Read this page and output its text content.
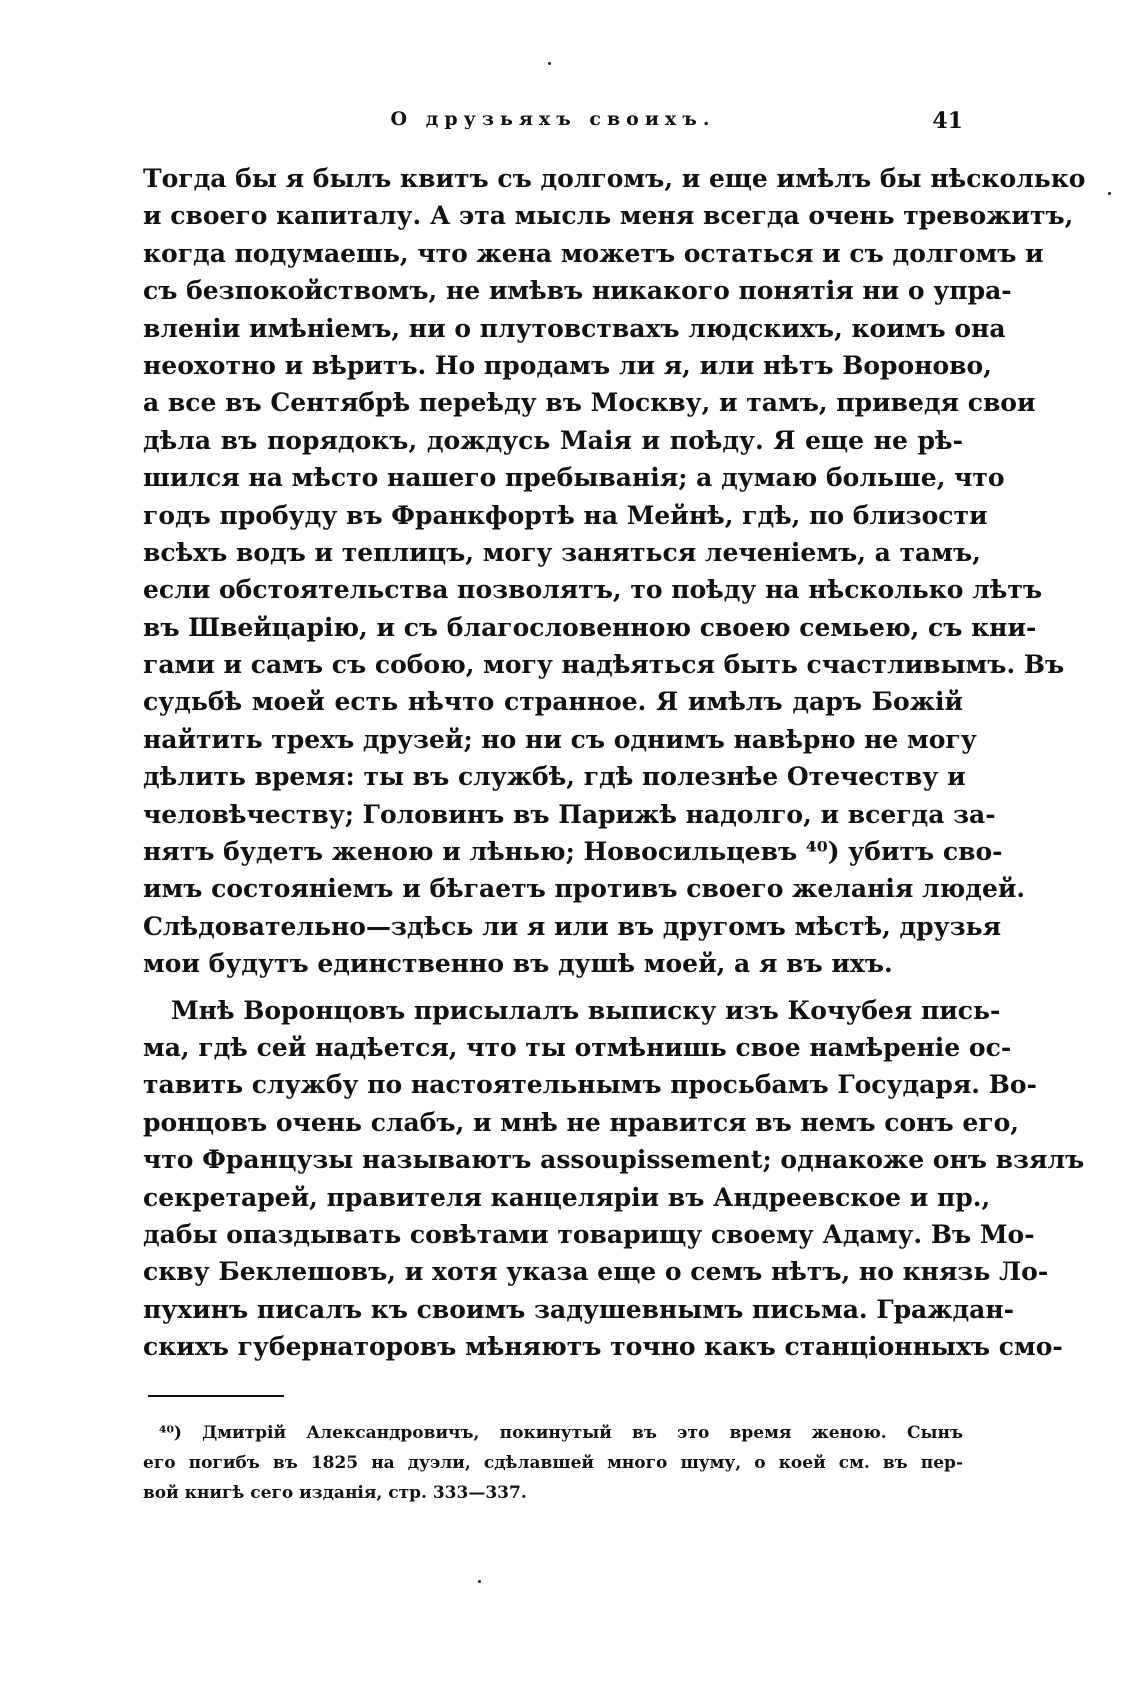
О друзьяхъ своихъ.	41
Тогда бы я былъ квитъ съ долгомъ, и еще имѣлъ бы нѣсколько
и своего капиталу. А эта мысль меня всегда очень тревожитъ,
когда подумаешь, что жена можетъ остаться и съ долгомъ и
съ безпокойствомъ, не имѣвъ никакого понятія ни о упра-
вленіи имѣніемъ, ни о плутовствахъ людскихъ, коимъ она
неохотно и вѣритъ. Но продамъ ли я, или нѣтъ Вороново,
а все въ Сентябрѣ переѣду въ Москву, и тамъ, приведя свои
дѣла въ порядокъ, дождусь Маія и поѣду. Я еще не рѣ-
шился на мѣсто нашего пребыванія; а думаю больше, что
годъ пробуду въ Франкфортѣ на Мейнѣ, гдѣ, по близости
всѣхъ водъ и теплицъ, могу заняться леченіемъ, а тамъ,
если обстоятельства позволятъ, то поѣду на нѣсколько лѣтъ
въ Швейцарію, и съ благословенною своею семьею, съ кни-
гами и самъ съ собою, могу надѣяться быть счастливымъ. Въ
судьбѣ моей есть нѣчто странное. Я имѣлъ даръ Божій
найтить трехъ друзей; но ни съ однимъ навѣрно не могу
дѣлить время: ты въ службѣ, гдѣ полезнѣе Отечеству и
человѣчеству; Головинъ въ Парижѣ надолго, и всегда за-
нятъ будетъ женою и лѣнью; Новосильцевъ ⁴⁰) убитъ сво-
имъ состояніемъ и бѣгаетъ противъ своего желанія людей.
Слѣдовательно—здѣсь ли я или въ другомъ мѣстѣ, друзья
мои будутъ единственно въ душѣ моей, а я въ ихъ.
Мнѣ Воронцовъ присылалъ выписку изъ Кочубея пись-
ма, гдѣ сей надѣется, что ты отмѣнишь свое намѣреніе ос-
тавить службу по настоятельнымъ просьбамъ Государя. Во-
ронцовъ очень слабъ, и мнѣ не нравится въ немъ сонъ его,
что Французы называютъ assoupissement; однакоже онъ взялъ
секретарей, правителя канцеляріи въ Андреевское и пр.,
дабы опаздывать совѣтами товарищу своему Адаму. Въ Мо-
скву Беклешовъ, и хотя указа еще о семъ нѣтъ, но князь Ло-
пухинъ писалъ къ своимъ задушевнымъ письма. Граждан-
скихъ губернаторовъ мѣняютъ точно какъ станціонныхъ смо-
⁴⁰) Дмитрій Александровичъ, покинутый въ это время женою. Сынъ
его погибъ въ 1825 на дуэли, сдѣлавшей много шуму, о коей см. въ пер-
вой книгѣ сего изданія, стр. 333—337.
